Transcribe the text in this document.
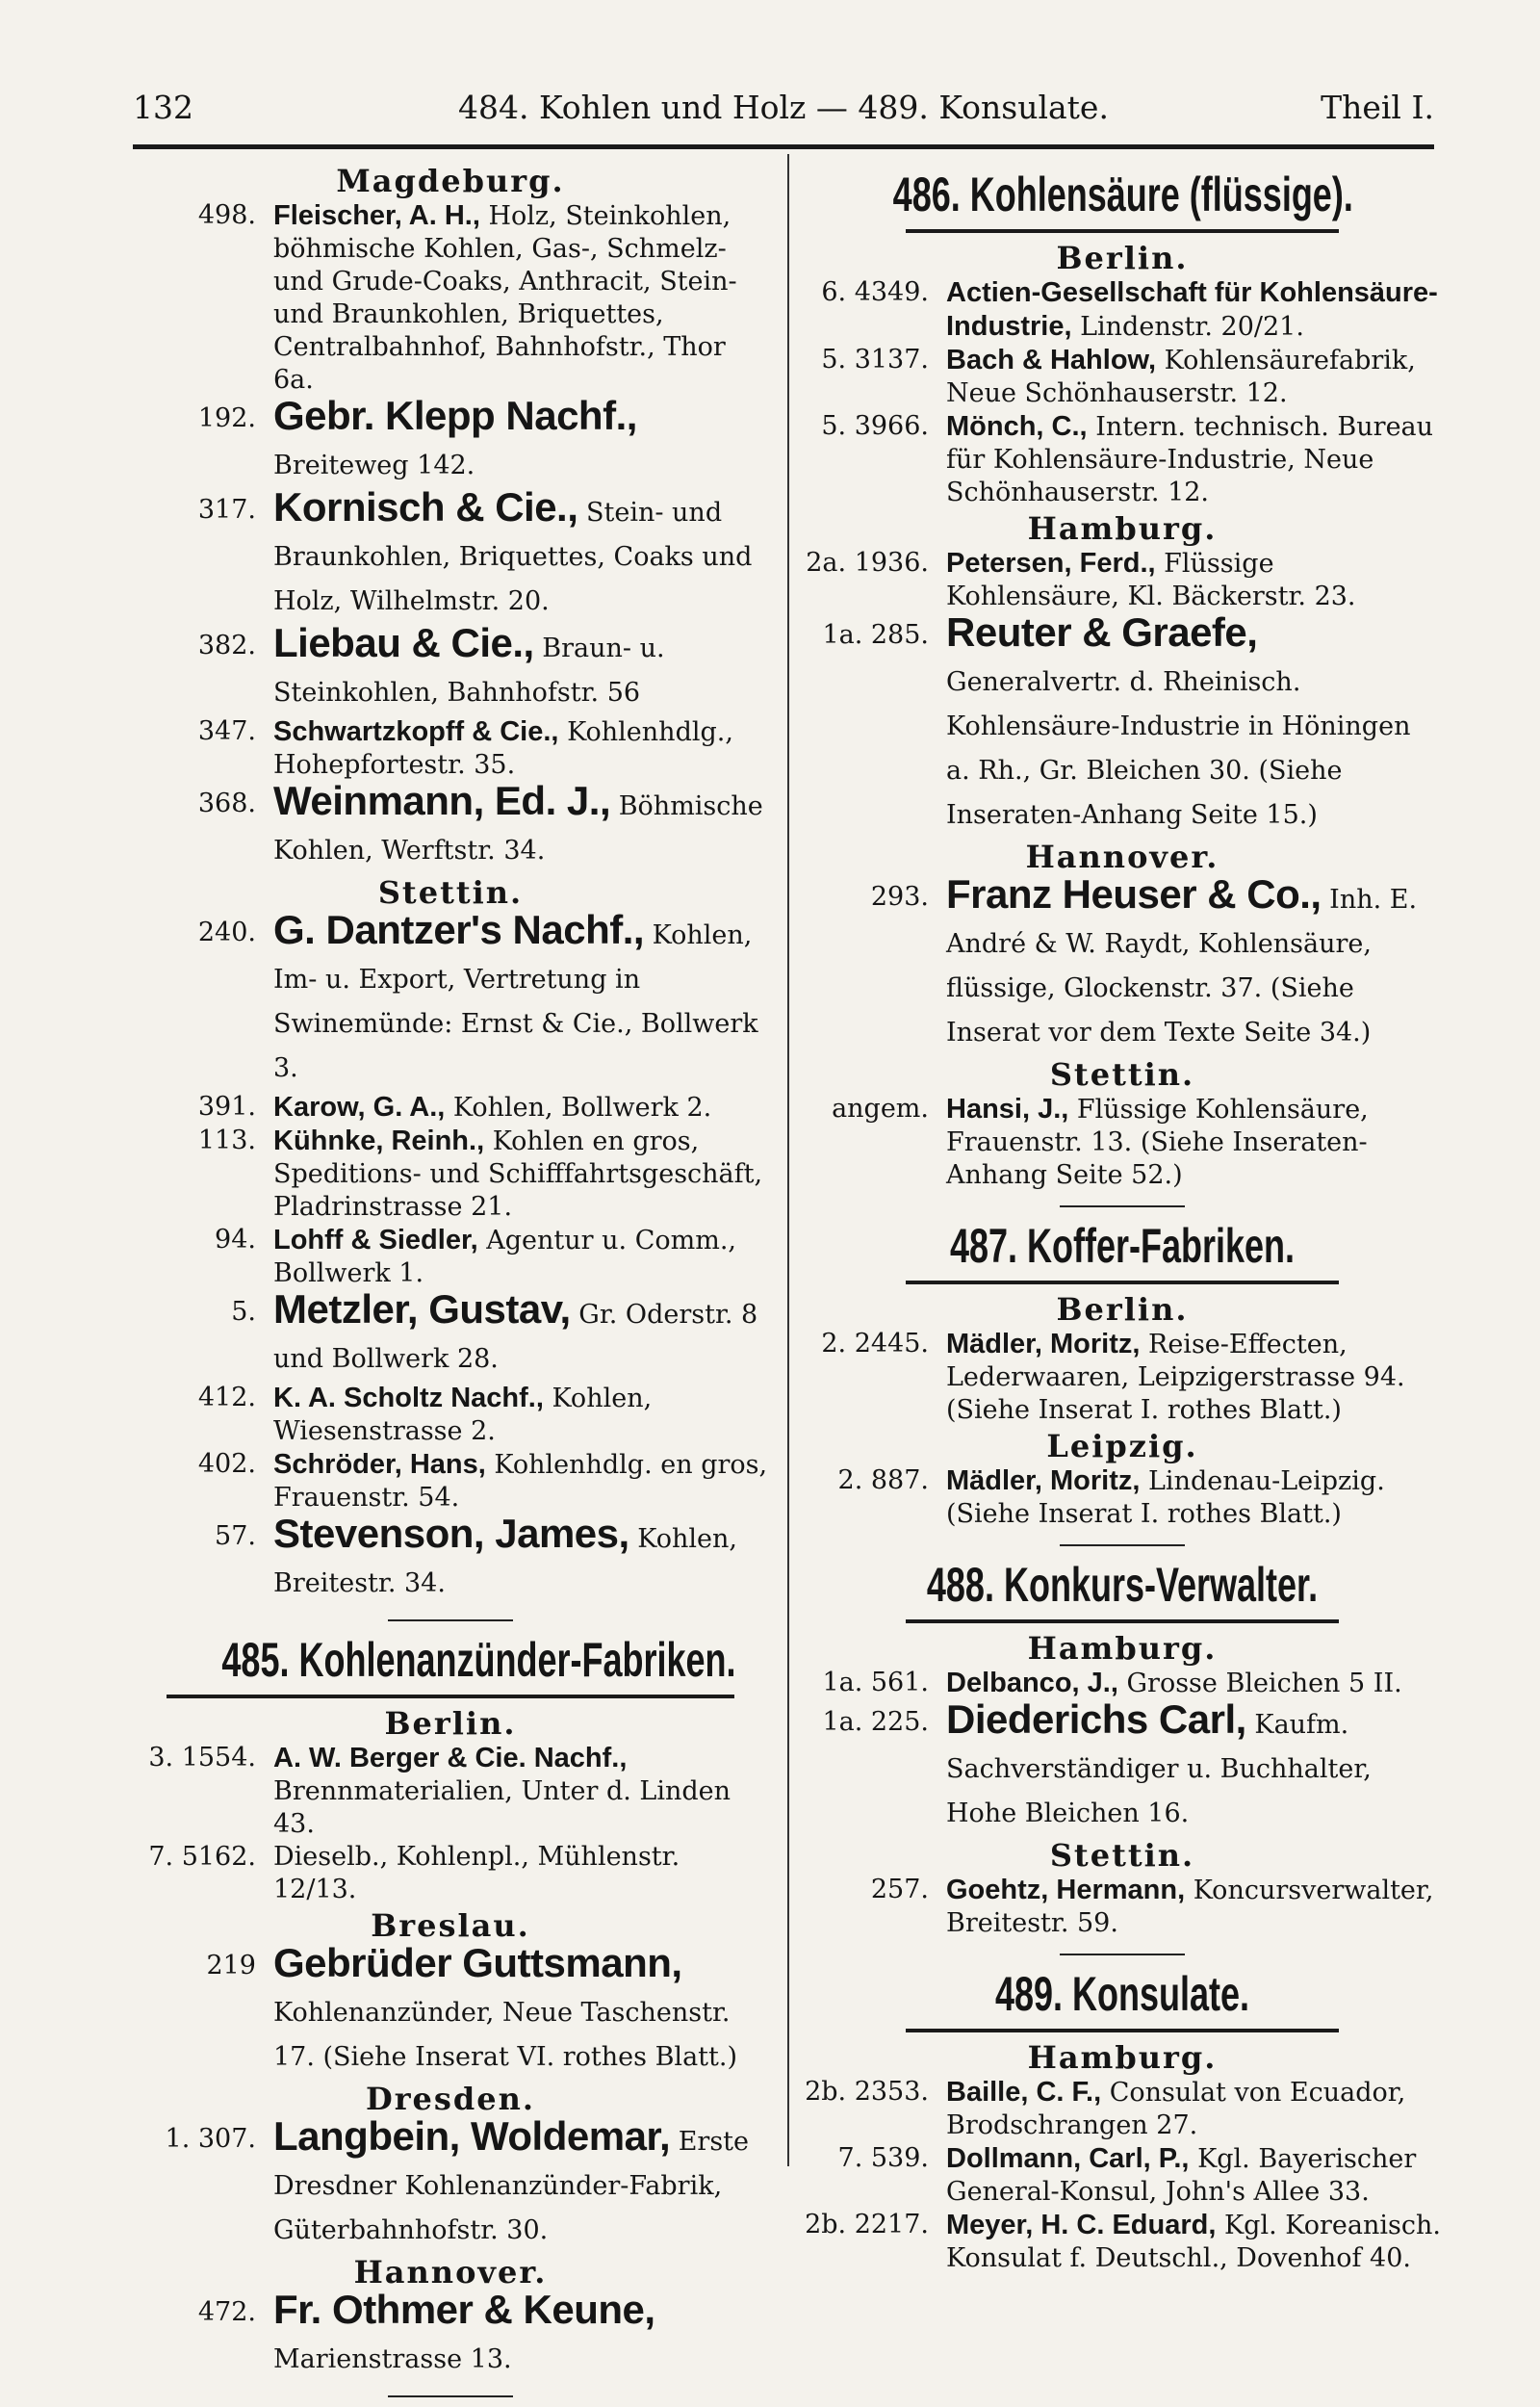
132	484. Kohlen und Holz — 489. Konsulate.	Theil I.
Magdeburg.
498. Fleischer, A. H., Holz, Steinkohlen, böhmische Kohlen, Gas-, Schmelz- und Grude-Coaks, Anthracit, Stein- und Braunkohlen, Briquettes, Centralbahnhof, Bahnhofstr., Thor 6a.
192. Gebr. Klepp Nachf., Breiteweg 142.
317. Kornisch & Cie., Stein- und Braunkohlen, Briquettes, Coaks und Holz, Wilhelmstr. 20.
382. Liebau & Cie., Braun- u. Steinkohlen, Bahnhofstr. 56
347. Schwartzkopff & Cie., Kohlenhdlg., Hohepfortestr. 35.
368. Weinmann, Ed. J., Böhmische Kohlen, Werftstr. 34.
Stettin.
240. G. Dantzer's Nachf., Kohlen, Im- u. Export, Vertretung in Swinemünde: Ernst & Cie., Bollwerk 3.
391. Karow, G. A., Kohlen, Bollwerk 2.
113. Kühnke, Reinh., Kohlen en gros, Speditions- und Schifffahrtsgeschäft, Pladrinstrasse 21.
94. Lohff & Siedler, Agentur u. Comm., Bollwerk 1.
5. Metzler, Gustav, Gr. Oderstr. 8 und Bollwerk 28.
412. K. A. Scholtz Nachf., Kohlen, Wiesenstrasse 2.
402. Schröder, Hans, Kohlenhdlg. en gros, Frauenstr. 54.
57. Stevenson, James, Kohlen, Breitestr. 34.
485. Kohlenanzünder-Fabriken.
Berlin.
3. 1554. A. W. Berger & Cie. Nachf., Brennmaterialien, Unter d. Linden 43.
7. 5162. Dieselb., Kohlenpl., Mühlenstr. 12/13.
Breslau.
219 Gebrüder Guttsmann, Kohlenanzünder, Neue Taschenstr. 17. (Siehe Inserat VI. rothes Blatt.)
Dresden.
1. 307. Langbein, Woldemar, Erste Dresdner Kohlenanzünder-Fabrik, Güterbahnhofstr. 30.
Hannover.
472. Fr. Othmer & Keune, Marienstrasse 13.
486. Kohlensäure (flüssige).
Berlin.
6. 4349. Actien-Gesellschaft für Kohlensäure-Industrie, Lindenstr. 20/21.
5. 3137. Bach & Hahlow, Kohlensäurefabrik, Neue Schönhauserstr. 12.
5. 3966. Mönch, C., Intern. technisch. Bureau für Kohlensäure-Industrie, Neue Schönhauserstr. 12.
Hamburg.
2a. 1936. Petersen, Ferd., Flüssige Kohlensäure, Kl. Bäckerstr. 23.
1a. 285. Reuter & Graefe, Generalvertr. d. Rheinisch. Kohlensäure-Industrie in Höningen a. Rh., Gr. Bleichen 30. (Siehe Inseraten-Anhang Seite 15.)
Hannover.
293. Franz Heuser & Co., Inh. E. André & W. Raydt, Kohlensäure, flüssige, Glockenstr. 37. (Siehe Inserat vor dem Texte Seite 34.)
Stettin.
angem. Hansi, J., Flüssige Kohlensäure, Frauenstr. 13. (Siehe Inseraten-Anhang Seite 52.)
487. Koffer-Fabriken.
Berlin.
2. 2445. Mädler, Moritz, Reise-Effecten, Lederwaaren, Leipzigerstrasse 94. (Siehe Inserat I. rothes Blatt.)
Leipzig.
2. 887. Mädler, Moritz, Lindenau-Leipzig. (Siehe Inserat I. rothes Blatt.)
488. Konkurs-Verwalter.
Hamburg.
1a. 561. Delbanco, J., Grosse Bleichen 5 II.
1a. 225. Diederichs Carl, Kaufm. Sachverständiger u. Buchhalter, Hohe Bleichen 16.
Stettin.
257. Goehtz, Hermann, Koncursverwalter, Breitestr. 59.
489. Konsulate.
Hamburg.
2b. 2353. Baille, C. F., Consulat von Ecuador, Brodschrangen 27.
7. 539. Dollmann, Carl, P., Kgl. Bayerischer General-Konsul, John's Allee 33.
2b. 2217. Meyer, H. C. Eduard, Kgl. Koreanisch. Konsulat f. Deutschl., Dovenhof 40.
